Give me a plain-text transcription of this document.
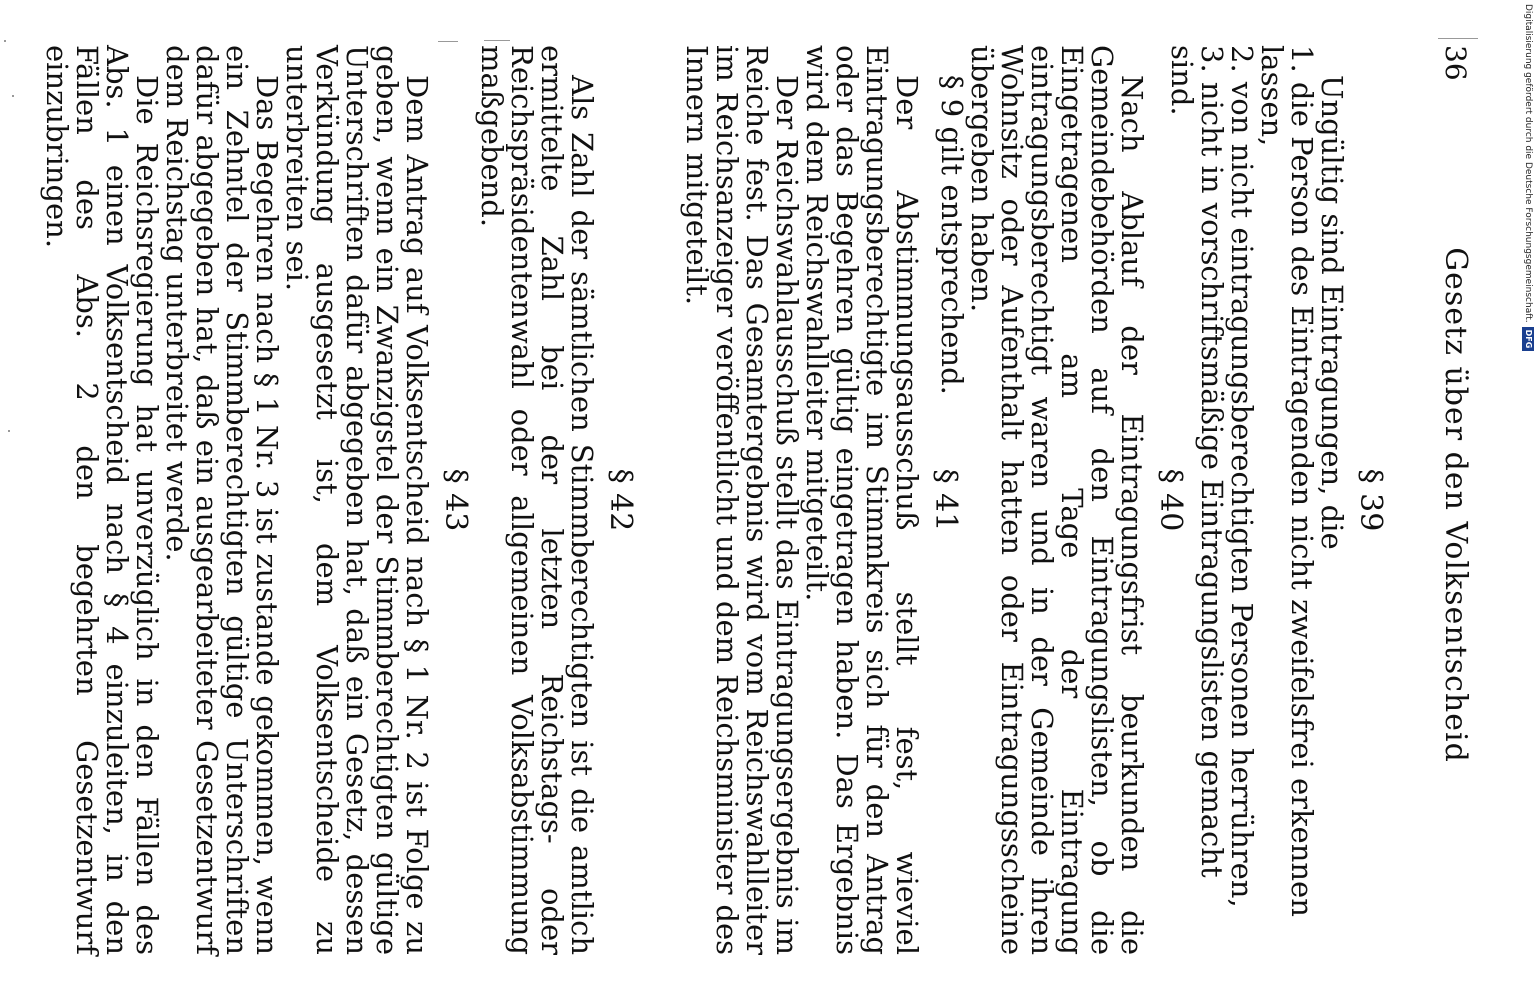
36
Gesetz über den Volksentscheid
§ 39

Ungültig sind Eintragungen, die

1. die Person des Eintragenden nicht zweifelsfrei erkennen lassen,

2. von nicht eintragungsberechtigten Personen herrühren,

3. nicht in vorschriftsmäßige Eintragungslisten gemacht sind.

§ 40

Nach Ablauf der Eintragungsfrist beurkunden die Gemeindebehörden auf den Eintragungslisten, ob die Eingetragenen am Tage der Eintragung eintragungsberechtigt waren und in der Gemeinde ihren Wohnsitz oder Aufenthalt hatten oder Eintragungsscheine übergeben haben.

§ 9 gilt entsprechend.

§ 41

Der Abstimmungsausschuß stellt fest, wieviel Eintragungsberechtigte im Stimmkreis sich für den Antrag oder das Begehren gültig eingetragen haben. Das Ergebnis wird dem Reichswahlleiter mitgeteilt.

Der Reichswahlausschuß stellt das Eintragungsergebnis im Reiche fest. Das Gesamtergebnis wird vom Reichswahlleiter im Reichsanzeiger veröffentlicht und dem Reichsminister des Innern mitgeteilt.

§ 42

Als Zahl der sämtlichen Stimmberechtigten ist die amtlich ermittelte Zahl bei der letzten Reichstags- oder Reichspräsidentenwahl oder allgemeinen Volksabstimmung maßgebend.

§ 43

Dem Antrag auf Volksentscheid nach § 1 Nr. 2 ist Folge zu geben, wenn ein Zwanzigstel der Stimmberechtigten gültige Unterschriften dafür abgegeben hat, daß ein Gesetz, dessen Verkündung ausgesetzt ist, dem Volksentscheide zu unterbreiten sei.

Das Begehren nach § 1 Nr. 3 ist zustande gekommen, wenn ein Zehntel der Stimmberechtigten gültige Unterschriften dafür abgegeben hat, daß ein ausgearbeiteter Gesetzentwurf dem Reichstag unterbreitet werde.

Die Reichsregierung hat unverzüglich in den Fällen des Abs. 1 einen Volksentscheid nach § 4 einzuleiten, in den Fällen des Abs. 2 den begehrten Gesetzentwurf einzubringen.	Digitalisierung gefördert durch die Deutsche Forschungsgemeinschaft.DFG
